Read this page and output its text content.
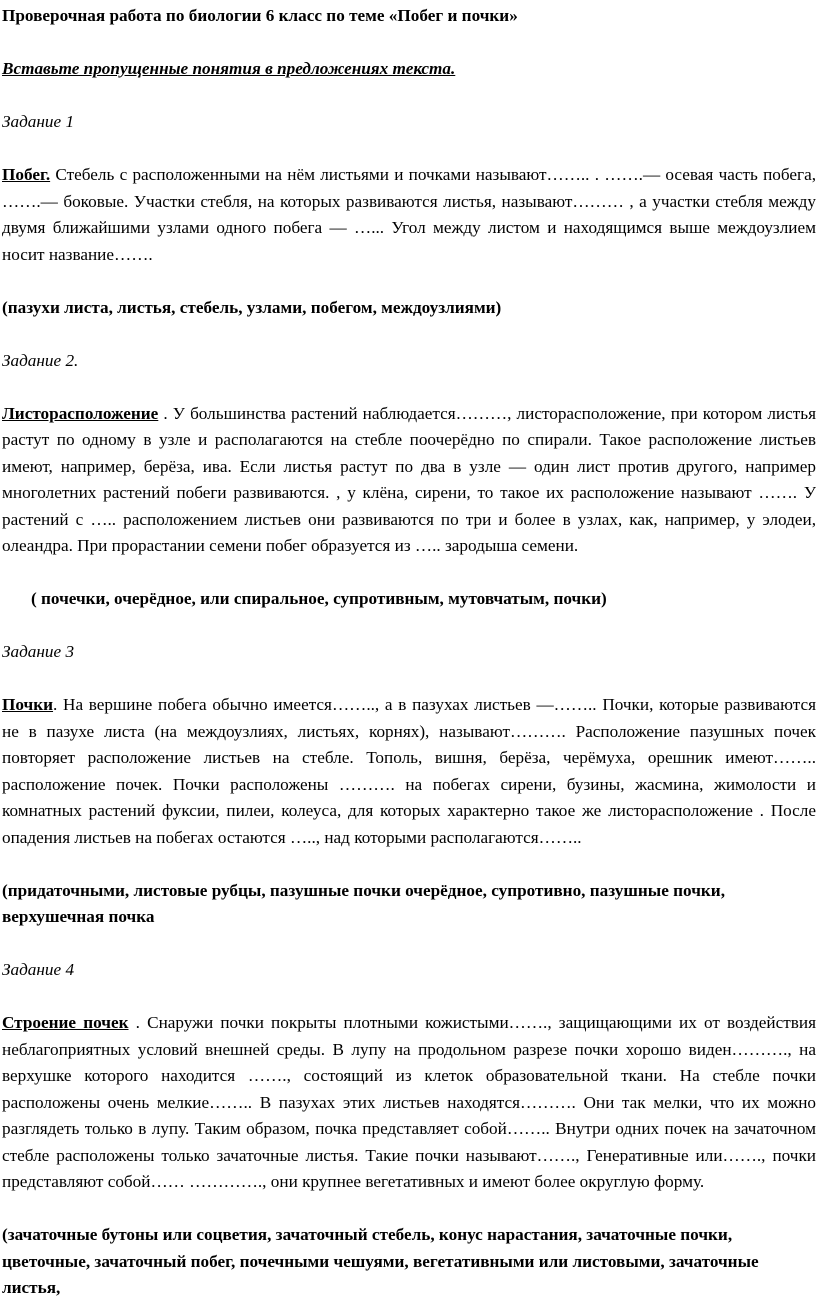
Проверочная работа по биологии 6 класс по теме «Побег и почки»

Вставьте пропущенные понятия в предложениях текста.

Задание 1

Побег. Стебель с расположенными на нём листьями и почками называют…….. . …….— осевая часть побега, …….— боковые. Участки стебля, на которых развиваются листья, называют……… , а участки стебля между двумя ближайшими узлами одного побега — …... Угол между листом и находящимся выше междоузлием носит название…….

(пазухи листа, листья, стебель, узлами, побегом, междоузлиями)

Задание 2.

Листорасположение . У большинства растений наблюдается………, листорасположение, при котором листья растут по одному в узле и располагаются на стебле поочерёдно по спирали. Такое расположение листьев имеют, например, берёза, ива. Если листья растут по два в узле — один лист против другого, например многолетних растений побеги развиваются. , у клёна, сирени, то такое их расположение называют ……. У растений с ….. расположением листьев они развиваются по три и более в узлах, как, например, у элодеи, олеандра. При прорастании семени побег образуется из ….. зародыша семени.

( почечки, очерёдное, или спиральное, супротивным, мутовчатым, почки)

Задание 3

Почки. На вершине побега обычно имеется…….., а в пазухах листьев —…….. Почки, которые развиваются не в пазухе листа (на междоузлиях, листьях, корнях), называют………. Расположение пазушных почек повторяет расположение листьев на стебле. Тополь, вишня, берёза, черёмуха, орешник имеют…….. расположение почек. Почки расположены ………. на побегах сирени, бузины, жасмина, жимолости и комнатных растений фуксии, пилеи, колеуса, для которых характерно такое же листорасположение . После опадения листьев на побегах остаются ….., над которыми располагаются……..

(придаточными, листовые рубцы, пазушные почки очерёдное, супротивно, пазушные почки, верхушечная почка

Задание 4

Строение почек . Снаружи почки покрыты плотными кожистыми……., защищающими их от воздействия неблагоприятных условий внешней среды. В лупу на продольном разрезе почки хорошо виден………., на верхушке которого находится ……., состоящий из клеток образовательной ткани. На стебле почки расположены очень мелкие…….. В пазухах этих листьев находятся………. Они так мелки, что их можно разглядеть только в лупу. Таким образом, почка представляет собой…….. Внутри одних почек на зачаточном стебле расположены только зачаточные листья. Такие почки называют……., Генеративные или……., почки представляют собой…… …………., они крупнее вегетативных и имеют более округлую форму.

(зачаточные бутоны или соцветия, зачаточный стебель, конус нарастания, зачаточные почки, цветочные, зачаточный побег, почечными чешуями, вегетативными или листовыми, зачаточные листья,
